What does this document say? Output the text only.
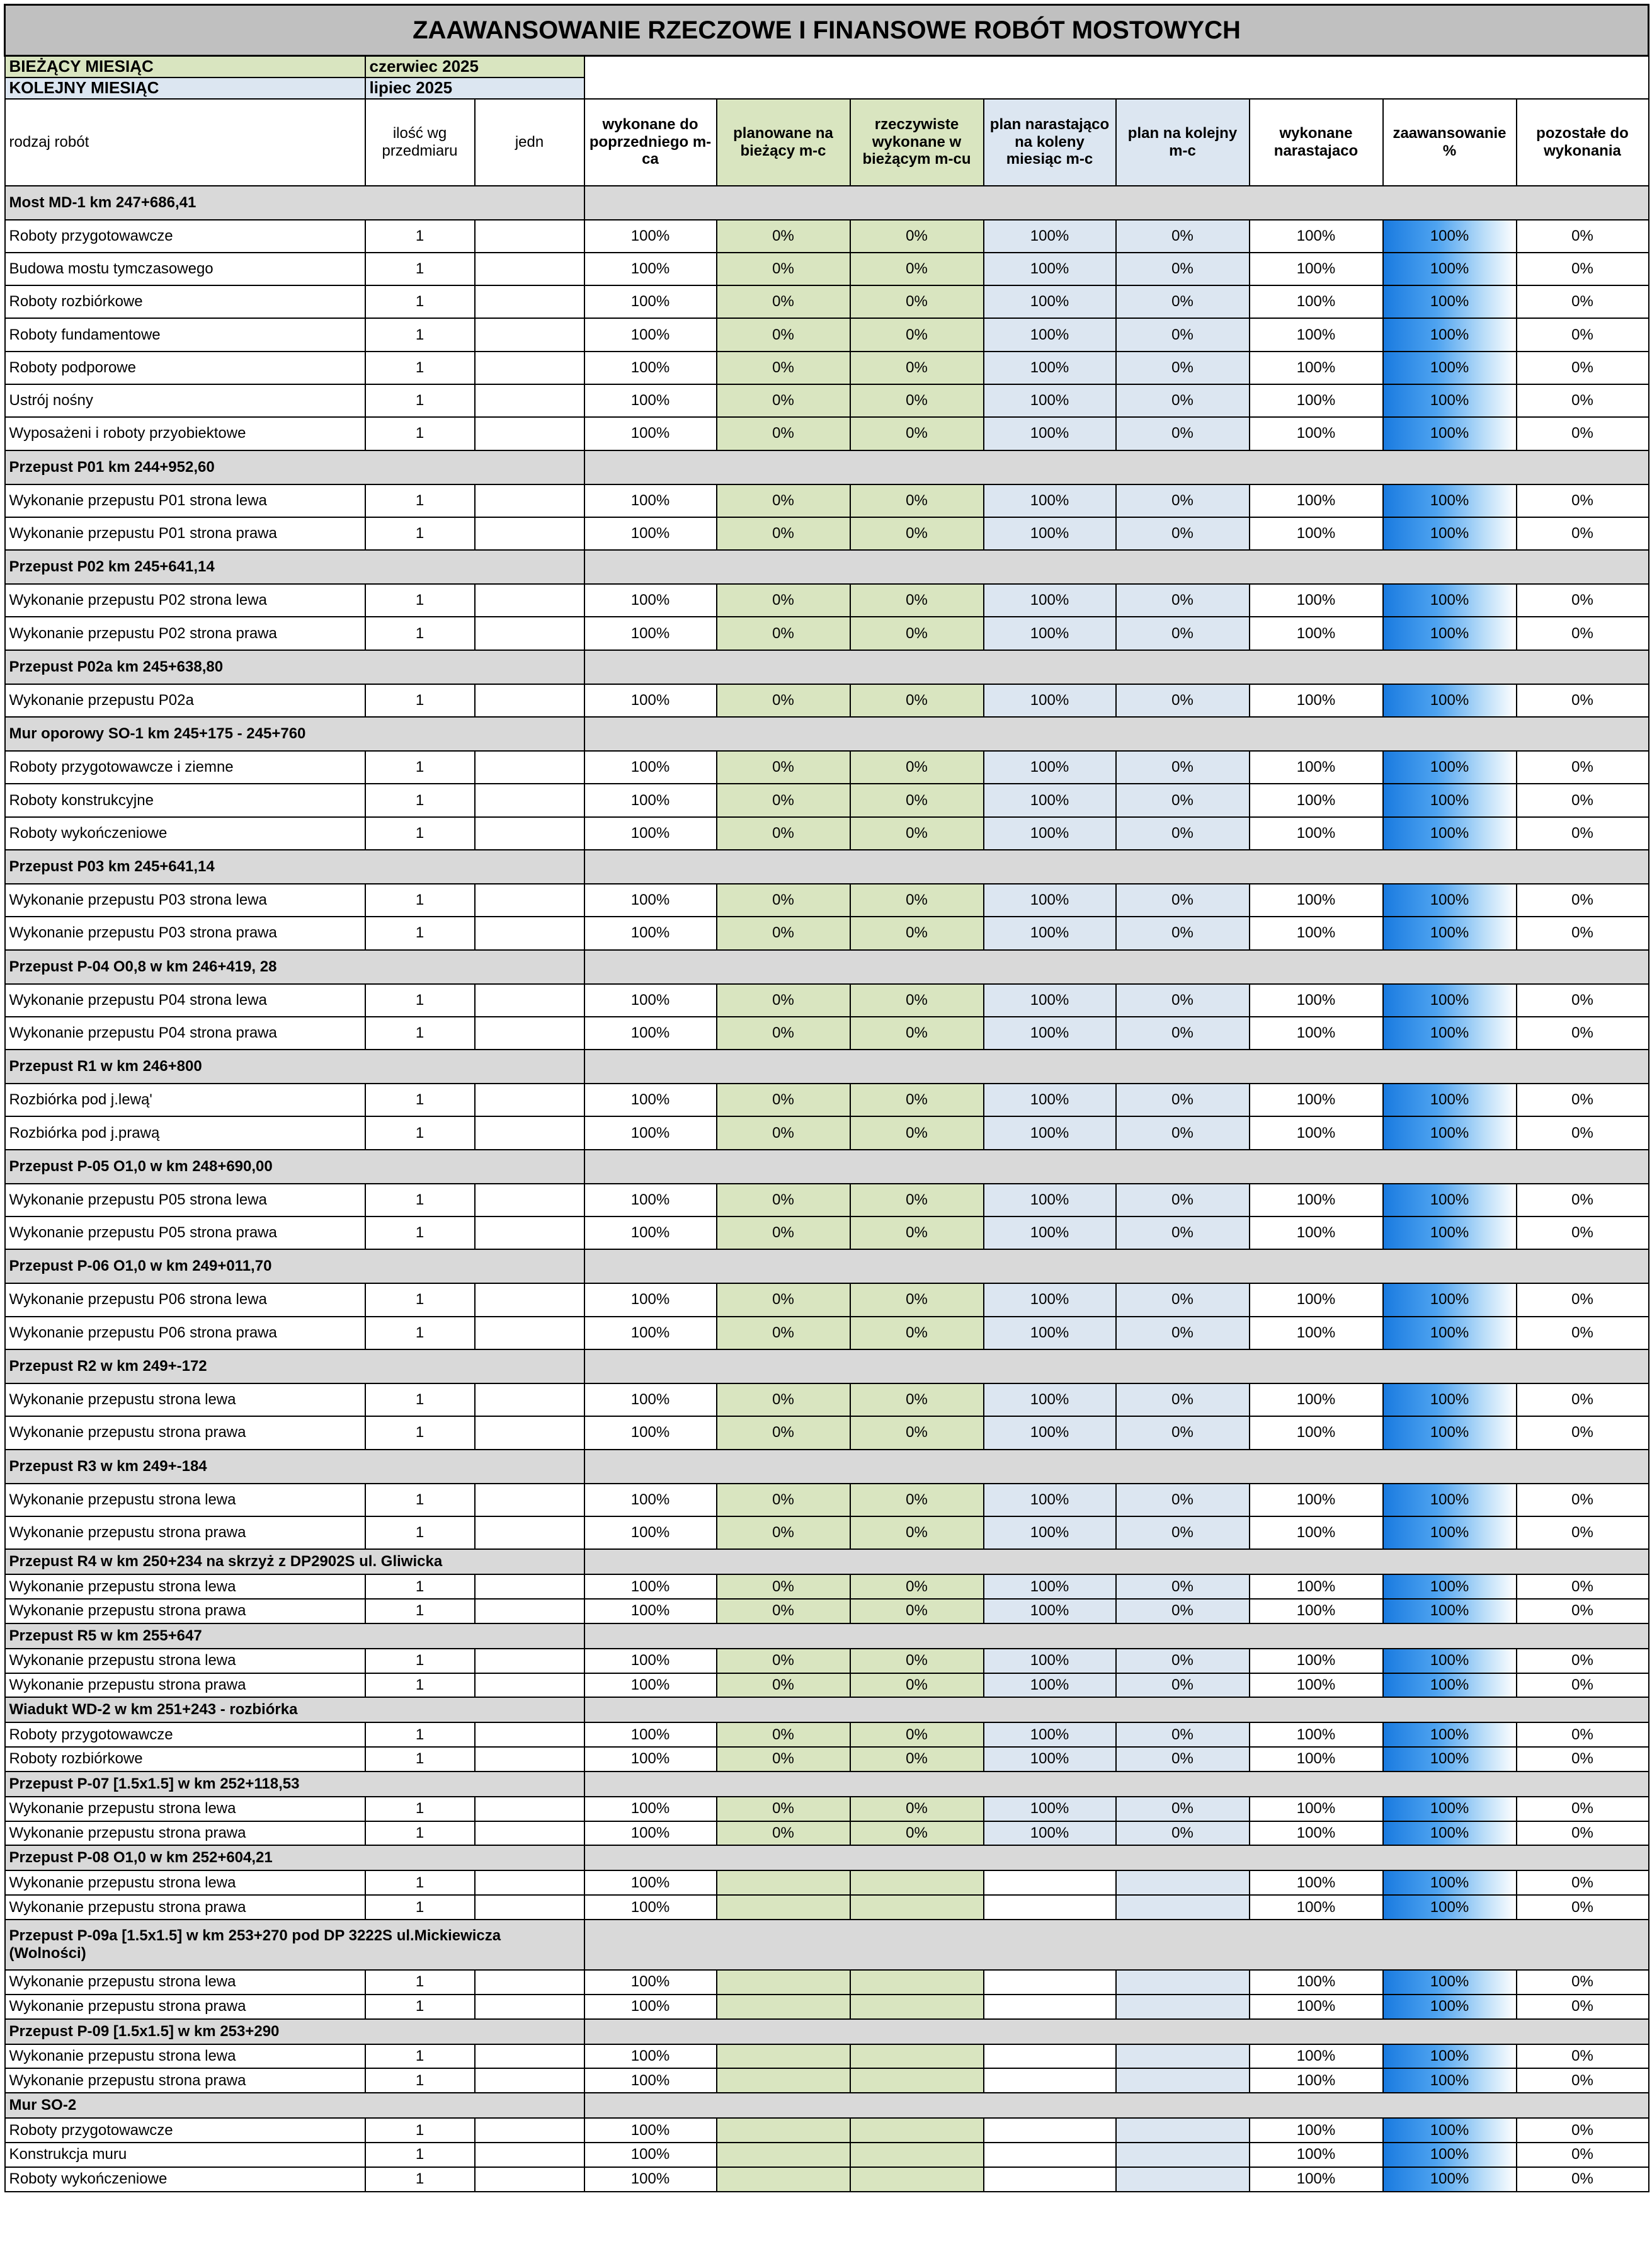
ZAAWANSOWANIE RZECZOWE I FINANSOWE ROBÓT MOSTOWYCH										
BIEŻĄCY MIESIĄC	czerwiec 2025									
KOLEJNY MIESIĄC	lipiec 2025									
rodzaj robót	ilość wg przedmiaru	jedn	wykonane do poprzedniego m-ca	planowane na bieżący m-c	rzeczywiste wykonane w bieżącym m-cu	plan narastająco na koleny miesiąc m-c	plan na kolejny m-c	wykonane narastajaco	zaawansowanie %	pozostałe do wykonania
Most MD-1 km 247+686,41										
Roboty przygotowawcze	1		100%	0%	0%	100%	0%	100%	100%	0%
Budowa mostu tymczasowego	1		100%	0%	0%	100%	0%	100%	100%	0%
Roboty rozbiórkowe	1		100%	0%	0%	100%	0%	100%	100%	0%
Roboty fundamentowe	1		100%	0%	0%	100%	0%	100%	100%	0%
Roboty podporowe	1		100%	0%	0%	100%	0%	100%	100%	0%
Ustrój nośny	1		100%	0%	0%	100%	0%	100%	100%	0%
Wyposażeni i roboty przyobiektowe	1		100%	0%	0%	100%	0%	100%	100%	0%
Przepust P01 km 244+952,60										
Wykonanie przepustu P01 strona lewa	1		100%	0%	0%	100%	0%	100%	100%	0%
Wykonanie przepustu P01 strona prawa	1		100%	0%	0%	100%	0%	100%	100%	0%
Przepust P02 km 245+641,14										
Wykonanie przepustu P02 strona lewa	1		100%	0%	0%	100%	0%	100%	100%	0%
Wykonanie przepustu P02 strona prawa	1		100%	0%	0%	100%	0%	100%	100%	0%
Przepust P02a km 245+638,80										
Wykonanie przepustu P02a	1		100%	0%	0%	100%	0%	100%	100%	0%
Mur oporowy SO-1 km 245+175 - 245+760										
Roboty przygotowawcze i ziemne	1		100%	0%	0%	100%	0%	100%	100%	0%
Roboty konstrukcyjne	1		100%	0%	0%	100%	0%	100%	100%	0%
Roboty wykończeniowe	1		100%	0%	0%	100%	0%	100%	100%	0%
Przepust P03 km 245+641,14										
Wykonanie przepustu P03 strona lewa	1		100%	0%	0%	100%	0%	100%	100%	0%
Wykonanie przepustu P03 strona prawa	1		100%	0%	0%	100%	0%	100%	100%	0%
Przepust P-04 O0,8 w km 246+419, 28										
Wykonanie przepustu P04 strona lewa	1		100%	0%	0%	100%	0%	100%	100%	0%
Wykonanie przepustu P04 strona prawa	1		100%	0%	0%	100%	0%	100%	100%	0%
Przepust R1 w km 246+800										
Rozbiórka pod j.lewą'	1		100%	0%	0%	100%	0%	100%	100%	0%
Rozbiórka pod j.prawą	1		100%	0%	0%	100%	0%	100%	100%	0%
Przepust P-05 O1,0 w km 248+690,00										
Wykonanie przepustu P05 strona lewa	1		100%	0%	0%	100%	0%	100%	100%	0%
Wykonanie przepustu P05 strona prawa	1		100%	0%	0%	100%	0%	100%	100%	0%
Przepust P-06 O1,0 w km 249+011,70										
Wykonanie przepustu P06 strona lewa	1		100%	0%	0%	100%	0%	100%	100%	0%
Wykonanie przepustu P06 strona prawa	1		100%	0%	0%	100%	0%	100%	100%	0%
Przepust R2 w km 249+-172										
Wykonanie przepustu strona lewa	1		100%	0%	0%	100%	0%	100%	100%	0%
Wykonanie przepustu strona prawa	1		100%	0%	0%	100%	0%	100%	100%	0%
Przepust R3 w km 249+-184										
Wykonanie przepustu strona lewa	1		100%	0%	0%	100%	0%	100%	100%	0%
Wykonanie przepustu strona prawa	1		100%	0%	0%	100%	0%	100%	100%	0%
Przepust R4 w km 250+234 na skrzyż z DP2902S ul. Gliwicka										
Wykonanie przepustu strona lewa	1		100%	0%	0%	100%	0%	100%	100%	0%
Wykonanie przepustu strona prawa	1		100%	0%	0%	100%	0%	100%	100%	0%
Przepust R5 w km 255+647										
Wykonanie przepustu strona lewa	1		100%	0%	0%	100%	0%	100%	100%	0%
Wykonanie przepustu strona prawa	1		100%	0%	0%	100%	0%	100%	100%	0%
Wiadukt WD-2 w km 251+243 - rozbiórka										
Roboty przygotowawcze	1		100%	0%	0%	100%	0%	100%	100%	0%
Roboty rozbiórkowe	1		100%	0%	0%	100%	0%	100%	100%	0%
Przepust P-07 [1.5x1.5] w km 252+118,53										
Wykonanie przepustu strona lewa	1		100%	0%	0%	100%	0%	100%	100%	0%
Wykonanie przepustu strona prawa	1		100%	0%	0%	100%	0%	100%	100%	0%
Przepust P-08 O1,0 w km 252+604,21										
Wykonanie przepustu strona lewa	1		100%					100%	100%	0%
Wykonanie przepustu strona prawa	1		100%					100%	100%	0%
Przepust P-09a [1.5x1.5] w km 253+270 pod DP 3222S ul.Mickiewicza (Wolności)										
Wykonanie przepustu strona lewa	1		100%					100%	100%	0%
Wykonanie przepustu strona prawa	1		100%					100%	100%	0%
Przepust P-09 [1.5x1.5] w km 253+290										
Wykonanie przepustu strona lewa	1		100%					100%	100%	0%
Wykonanie przepustu strona prawa	1		100%					100%	100%	0%
Mur SO-2										
Roboty przygotowawcze	1		100%					100%	100%	0%
Konstrukcja muru	1		100%					100%	100%	0%
Roboty wykończeniowe	1		100%					100%	100%	0%
